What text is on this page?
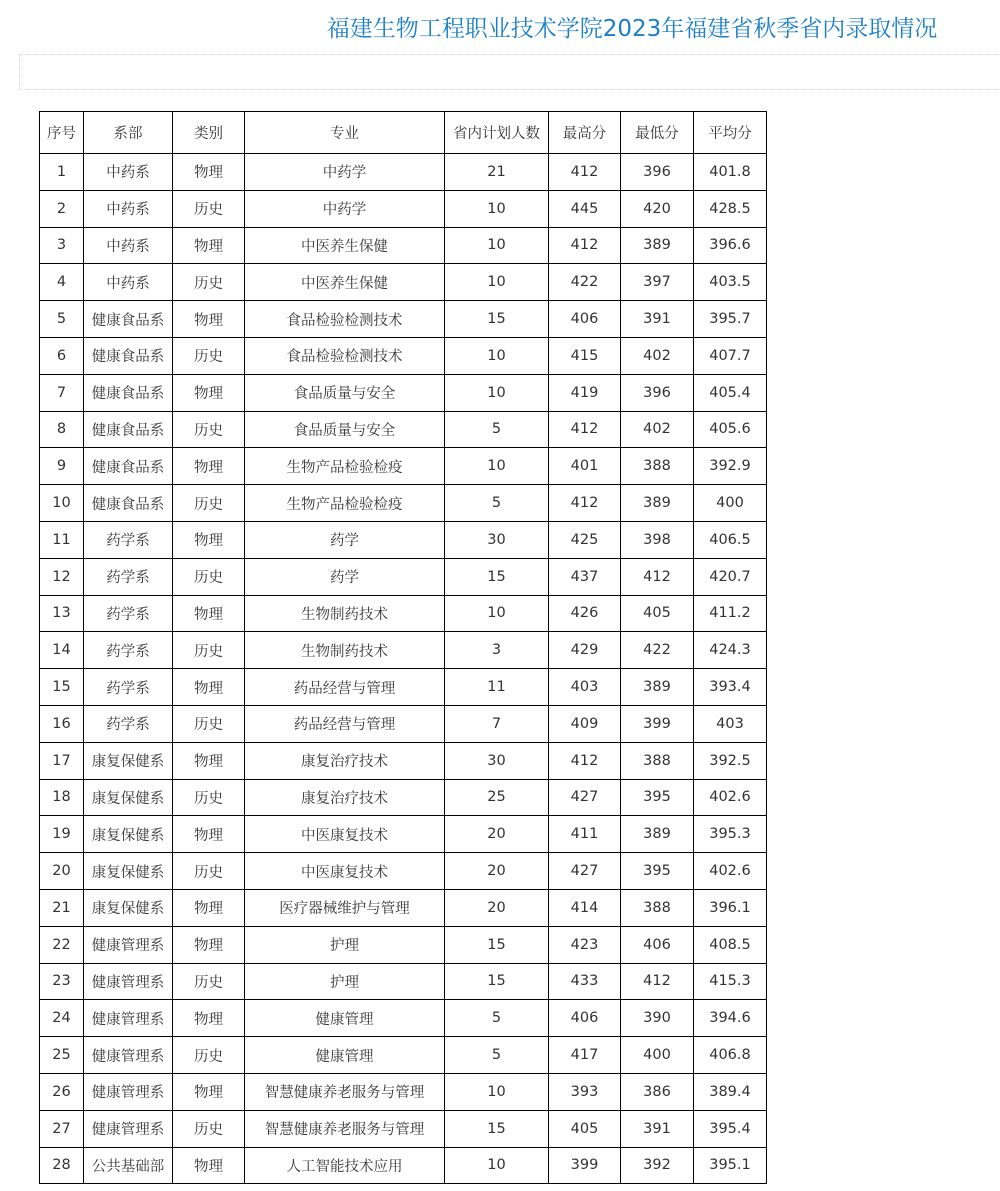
福建生物工程职业技术学院2023年福建省秋季省内录取情况
序号	系部	类别	专业	省内计划人数	最高分	最低分	平均分
1	中药系	物理	中药学	21	412	396	401.8
2	中药系	历史	中药学	10	445	420	428.5
3	中药系	物理	中医养生保健	10	412	389	396.6
4	中药系	历史	中医养生保健	10	422	397	403.5
5	健康食品系	物理	食品检验检测技术	15	406	391	395.7
6	健康食品系	历史	食品检验检测技术	10	415	402	407.7
7	健康食品系	物理	食品质量与安全	10	419	396	405.4
8	健康食品系	历史	食品质量与安全	5	412	402	405.6
9	健康食品系	物理	生物产品检验检疫	10	401	388	392.9
10	健康食品系	历史	生物产品检验检疫	5	412	389	400
11	药学系	物理	药学	30	425	398	406.5
12	药学系	历史	药学	15	437	412	420.7
13	药学系	物理	生物制药技术	10	426	405	411.2
14	药学系	历史	生物制药技术	3	429	422	424.3
15	药学系	物理	药品经营与管理	11	403	389	393.4
16	药学系	历史	药品经营与管理	7	409	399	403
17	康复保健系	物理	康复治疗技术	30	412	388	392.5
18	康复保健系	历史	康复治疗技术	25	427	395	402.6
19	康复保健系	物理	中医康复技术	20	411	389	395.3
20	康复保健系	历史	中医康复技术	20	427	395	402.6
21	康复保健系	物理	医疗器械维护与管理	20	414	388	396.1
22	健康管理系	物理	护理	15	423	406	408.5
23	健康管理系	历史	护理	15	433	412	415.3
24	健康管理系	物理	健康管理	5	406	390	394.6
25	健康管理系	历史	健康管理	5	417	400	406.8
26	健康管理系	物理	智慧健康养老服务与管理	10	393	386	389.4
27	健康管理系	历史	智慧健康养老服务与管理	15	405	391	395.4
28	公共基础部	物理	人工智能技术应用	10	399	392	395.1
